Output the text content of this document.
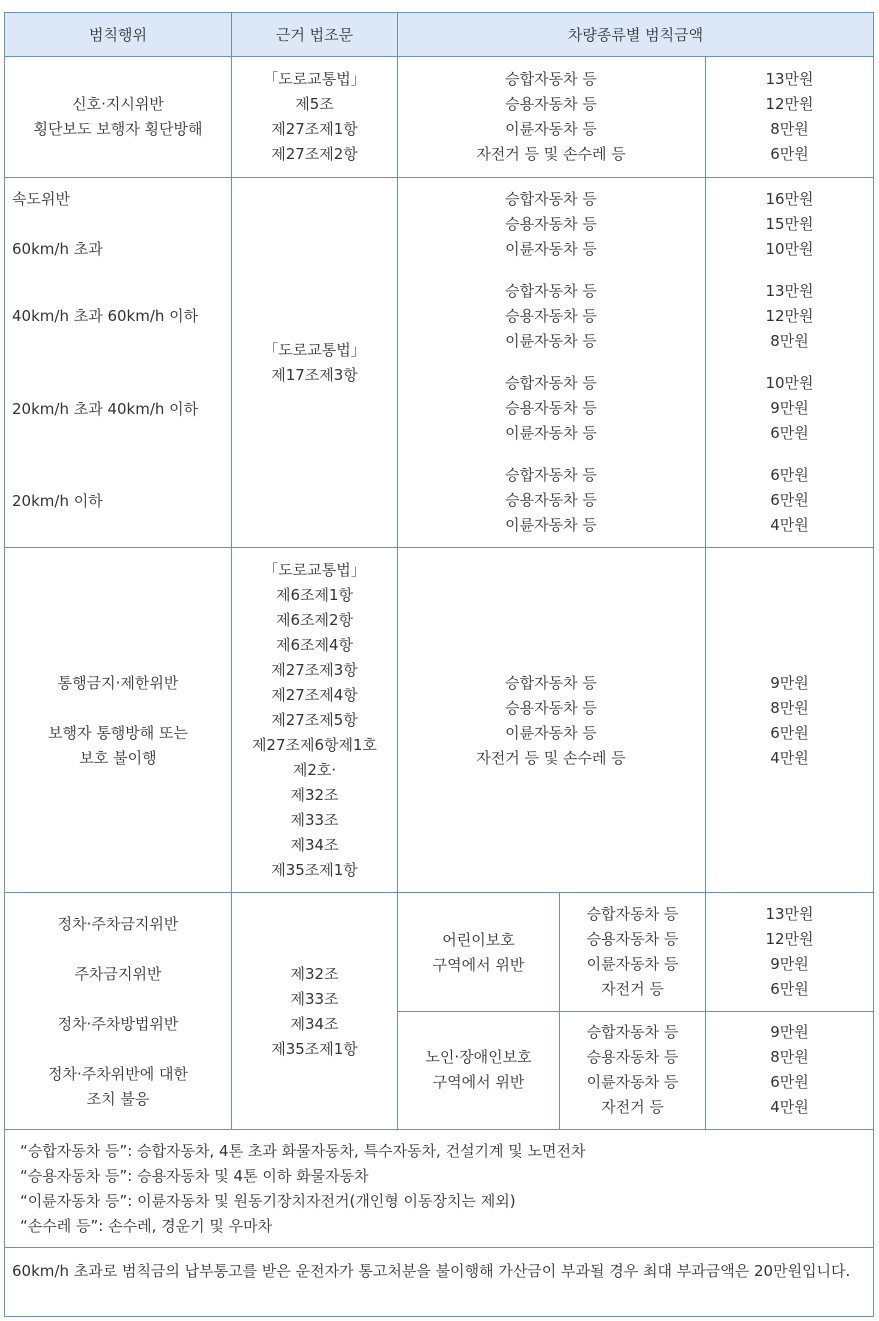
범칙행위	근거 법조문	차량종류별 범칙금액
신호·지시위반
횡단보도 보행자 횡단방해
「도로교통법」
제5조
제27조제1항
제27조제2항
승합자동차 등
승용자동차 등
이륜자동차 등
자전거 등 및 손수레 등
13만원
12만원
8만원
6만원
속도위반
60km/h 초과
40km/h 초과 60km/h 이하
20km/h 초과 40km/h 이하
20km/h 이하
「도로교통법」
제17조제3항
승합자동차 등
승용자동차 등
이륜자동차 등
16만원
15만원
10만원
승합자동차 등
승용자동차 등
이륜자동차 등
13만원
12만원
8만원
승합자동차 등
승용자동차 등
이륜자동차 등
10만원
9만원
6만원
승합자동차 등
승용자동차 등
이륜자동차 등
6만원
6만원
4만원
통행금지·제한위반
보행자 통행방해 또는
보호 불이행
「도로교통법」
제6조제1항
제6조제2항
제6조제4항
제27조제3항
제27조제4항
제27조제5항
제27조제6항제1호
제2호·
제32조
제33조
제34조
제35조제1항
승합자동차 등
승용자동차 등
이륜자동차 등
자전거 등 및 손수레 등
9만원
8만원
6만원
4만원
정차·주차금지위반
주차금지위반
정차·주차방법위반
정차·주차위반에 대한
조치 불응
제32조
제33조
제34조
제35조제1항
어린이보호
구역에서 위반
승합자동차 등
승용자동차 등
이륜자동차 등
자전거 등
13만원
12만원
9만원
6만원
노인·장애인보호
구역에서 위반
승합자동차 등
승용자동차 등
이륜자동차 등
자전거 등
9만원
8만원
6만원
4만원
“승합자동차 등”: 승합자동차, 4톤 초과 화물자동차, 특수자동차, 건설기계 및 노면전차
“승용자동차 등”: 승용자동차 및 4톤 이하 화물자동차
“이륜자동차 등”: 이륜자동차 및 원동기장치자전거(개인형 이동장치는 제외)
“손수레 등”: 손수레, 경운기 및 우마차
60km/h 초과로 범칙금의 납부통고를 받은 운전자가 통고처분을 불이행해 가산금이 부과될 경우 최대 부과금액은 20만원입니다.
